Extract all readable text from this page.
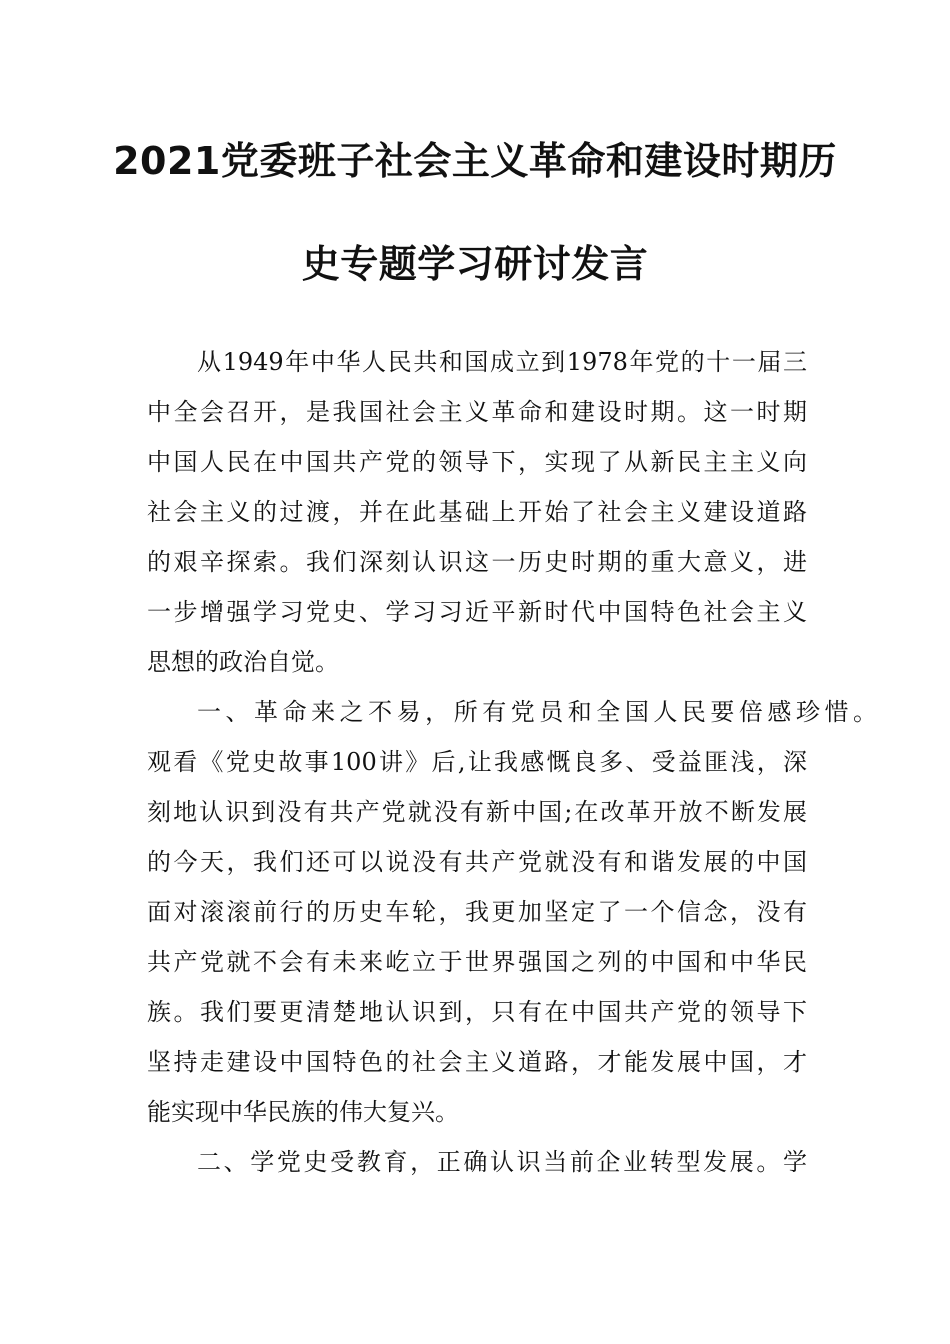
2021党委班子社会主义革命和建设时期历
史专题学习研讨发言
从1949年中华人民共和国成立到1978年党的十一届三
中全会召开，是我国社会主义革命和建设时期。这一时期
中国人民在中国共产党的领导下，实现了从新民主主义向
社会主义的过渡，并在此基础上开始了社会主义建设道路
的艰辛探索。我们深刻认识这一历史时期的重大意义，进
一步增强学习党史、学习习近平新时代中国特色社会主义
思想的政治自觉。
一、革命来之不易，所有党员和全国人民要倍感珍惜。
观看《党史故事100讲》后,让我感慨良多、受益匪浅，深
刻地认识到没有共产党就没有新中国;在改革开放不断发展
的今天，我们还可以说没有共产党就没有和谐发展的中国
面对滚滚前行的历史车轮，我更加坚定了一个信念，没有
共产党就不会有未来屹立于世界强国之列的中国和中华民
族。我们要更清楚地认识到，只有在中国共产党的领导下
坚持走建设中国特色的社会主义道路，才能发展中国，才
能实现中华民族的伟大复兴。
二、学党史受教育，正确认识当前企业转型发展。学
